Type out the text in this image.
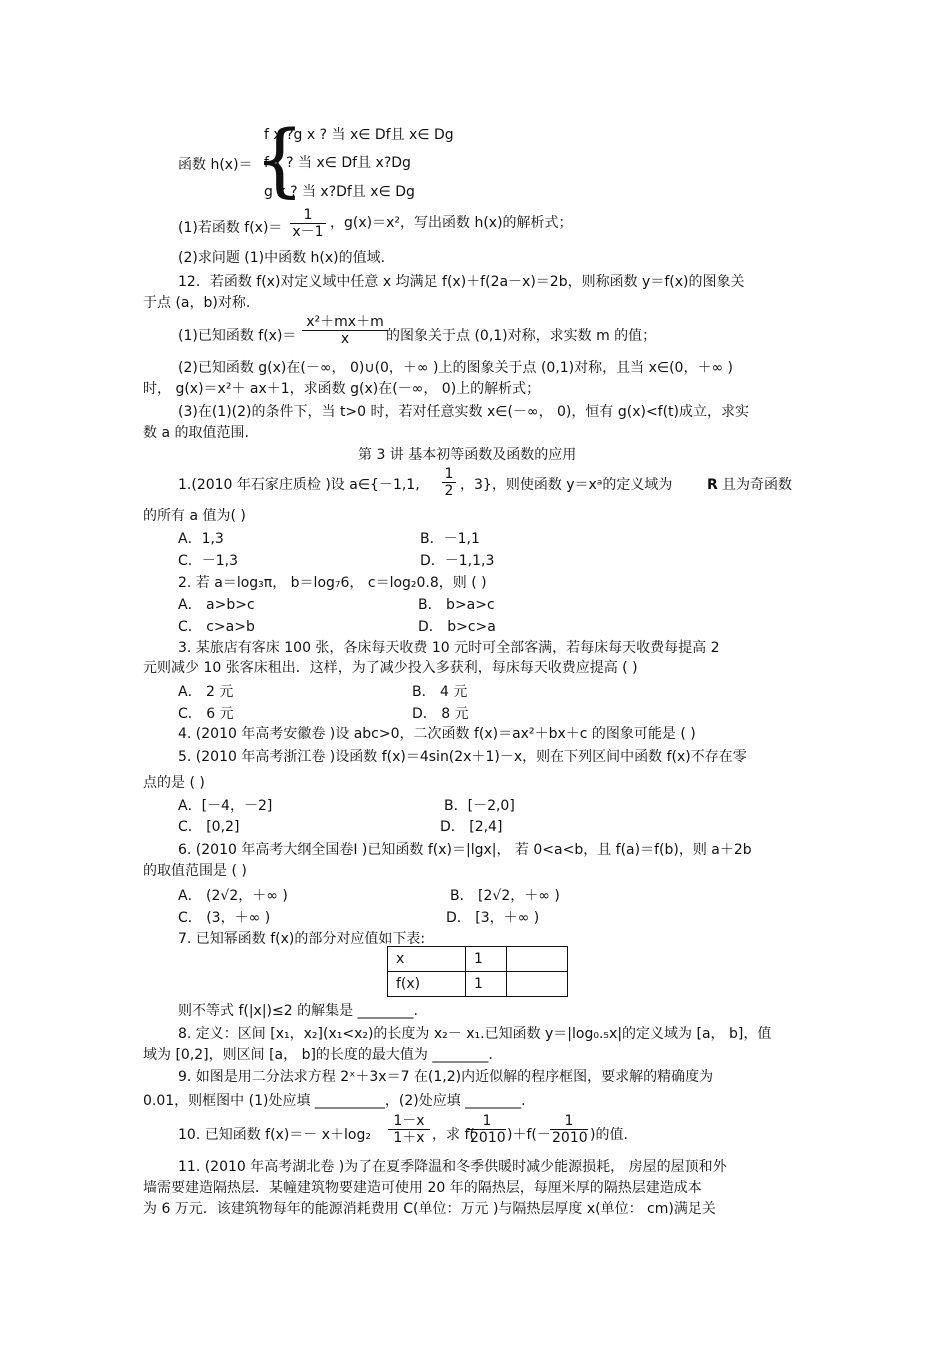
函数 h(x)＝ {
f x ?g x ? 当 x∈ Df且 x∈ Dg
f x ? 当 x∈ Df且 x?Dg
g x ? 当 x?Df且 x∈ Dg
(1)若函数 $f(x)= \frac{1}{x-1}$ ，g(x)＝x²，写出函数 h(x)的解析式；
(2)求问题 (1)中函数 h(x)的值域.
12．若函数 f(x)对定义域中任意 x 均满足 f(x)＋f(2a－x)＝2b，则称函数 y＝f(x)的图象关
于点 (a，b)对称.
(1)已知函数 $f(x)= \frac{\text{x²＋mx＋m}}{x}$
的图象关于点 (0,1)对称，求实数 m 的值；
(2)已知函数 g(x)在(－∞， 0)∪(0，＋∞ )上的图象关于点 (0,1)对称，且当 x∈(0，＋∞ )
时， g(x)＝x²＋ ax＋1，求函数 g(x)在(－∞， 0)上的解析式；
(3)在(1)(2)的条件下，当 t>0 时，若对任意实数 x∈(－∞， 0)，恒有 g(x)<f(t)成立，求实
数 a 的取值范围.
第 3 讲 基本初等函数及函数的应用
1.(2010 年石家庄质检 )设 a∈{－1,1, $\frac{1}{2}$ ，3}，则使函数 y＝xᵃ的定义域为 R 且为奇函数
的所有 a 值为( )
A．1,3	B．－1,1
C．－1,3	D．－1,1,3
2. 若 a＝log₃π， b＝log₇6， c＝log₂0.8，则 ( )
A． a>b>c	B． b>a>c
C． c>a>b	D． b>c>a
3. 某旅店有客床 100 张，各床每天收费 10 元时可全部客满，若每床每天收费每提高 2
元则减少 10 张客床租出．这样，为了减少投入多获利，每床每天收费应提高 ( )
A． 2 元	B． 4 元
C． 6 元	D． 8 元
4. (2010 年高考安徽卷 )设 abc>0，二次函数 f(x)＝ax²＋bx＋c 的图象可能是 ( )
5. (2010 年高考浙江卷 )设函数 f(x)＝4sin(2x＋1)－x，则在下列区间中函数 f(x)不存在零
点的是 ( )
A．[－4，－2]	B．[－2,0]
C． [0,2]	D． [2,4]
6. (2010 年高考大纲全国卷Ⅰ )已知函数 f(x)＝|lgx|， 若 0<a<b，且 f(a)＝f(b)，则 a＋2b
的取值范围是 ( )
A． (2√2，＋∞ )	B． [2√2，＋∞ )
C． (3，＋∞ )	D． [3，＋∞ )
7. 已知幂函数 f(x)的部分对应值如下表:
x	1	
f(x)	1	
则不等式 f(|x|)≤2 的解集是 ________.
8. 定义：区间 [x₁，x₂](x₁<x₂)的长度为 x₂－ x₁.已知函数 y＝|log₀.₅x|的定义域为 [a， b]，值
域为 [0,2]，则区间 [a， b]的长度的最大值为 ________.
9. 如图是用二分法求方程 2ˣ＋3x＝7 在(1,2)内近似解的程序框图，要求解的精确度为
0.01，则框图中 (1)处应填 __________，(2)处应填 ________.
10. 已知函数 $f(x)=- x+\log_2 \frac{1-x}{1+x}$ ，求 f(
$\frac{1}{2010} )+f(- \frac{1}{2010}$ )的值.
11. (2010 年高考湖北卷 )为了在夏季降温和冬季供暖时减少能源损耗， 房屋的屋顶和外
墙需要建造隔热层．某幢建筑物要建造可使用 20 年的隔热层，每厘米厚的隔热层建造成本
为 6 万元．该建筑物每年的能源消耗费用 C(单位：万元 )与隔热层厚度 x(单位： cm)满足关
